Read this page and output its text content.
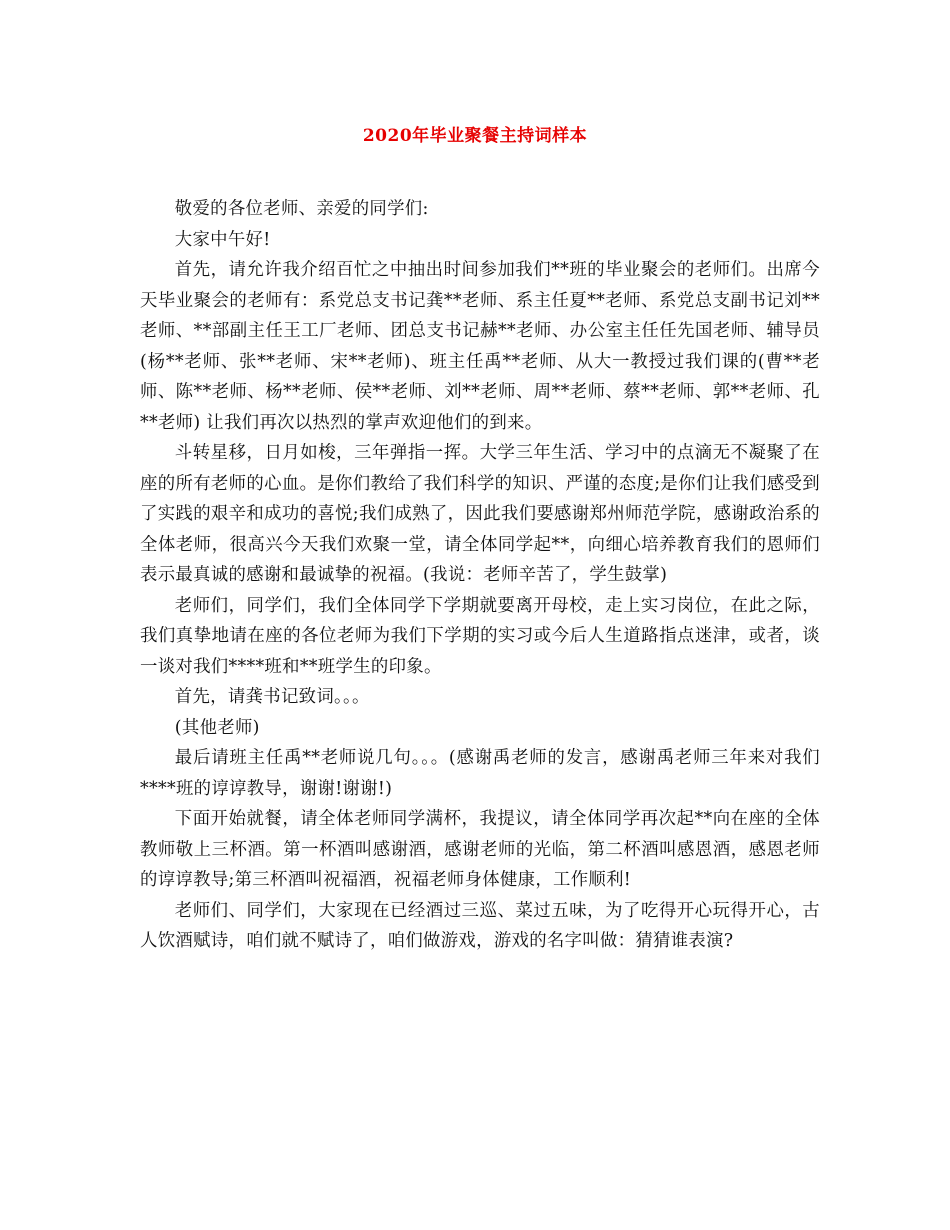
2020年毕业聚餐主持词样本

敬爱的各位老师、亲爱的同学们:

大家中午好!

首先，请允许我介绍百忙之中抽出时间参加我们**班的毕业聚会的老师们。出席今天毕业聚会的老师有：系党总支书记龚**老师、系主任夏**老师、系党总支副书记刘**老师、**部副主任王工厂老师、团总支书记赫**老师、办公室主任任先国老师、辅导员(杨**老师、张**老师、宋**老师)、班主任禹**老师、从大一教授过我们课的(曹**老师、陈**老师、杨**老师、侯**老师、刘**老师、周**老师、蔡**老师、郭**老师、孔**老师) 让我们再次以热烈的掌声欢迎他们的到来。

斗转星移，日月如梭，三年弹指一挥。大学三年生活、学习中的点滴无不凝聚了在座的所有老师的心血。是你们教给了我们科学的知识、严谨的态度;是你们让我们感受到了实践的艰辛和成功的喜悦;我们成熟了，因此我们要感谢郑州师范学院，感谢政治系的全体老师，很高兴今天我们欢聚一堂，请全体同学起**，向细心培养教育我们的恩师们表示最真诚的感谢和最诚挚的祝福。(我说：老师辛苦了，学生鼓掌)

老师们，同学们，我们全体同学下学期就要离开母校，走上实习岗位，在此之际，我们真挚地请在座的各位老师为我们下学期的实习或今后人生道路指点迷津，或者，谈一谈对我们****班和**班学生的印象。

首先，请龚书记致词。。。

(其他老师)

最后请班主任禹**老师说几句。。。(感谢禹老师的发言，感谢禹老师三年来对我们****班的谆谆教导，谢谢!谢谢!)

下面开始就餐，请全体老师同学满杯，我提议，请全体同学再次起**向在座的全体教师敬上三杯酒。第一杯酒叫感谢酒，感谢老师的光临，第二杯酒叫感恩酒，感恩老师的谆谆教导;第三杯酒叫祝福酒，祝福老师身体健康，工作顺利!

老师们、同学们，大家现在已经酒过三巡、菜过五味，为了吃得开心玩得开心，古人饮酒赋诗，咱们就不赋诗了，咱们做游戏，游戏的名字叫做：猜猜谁表演?
